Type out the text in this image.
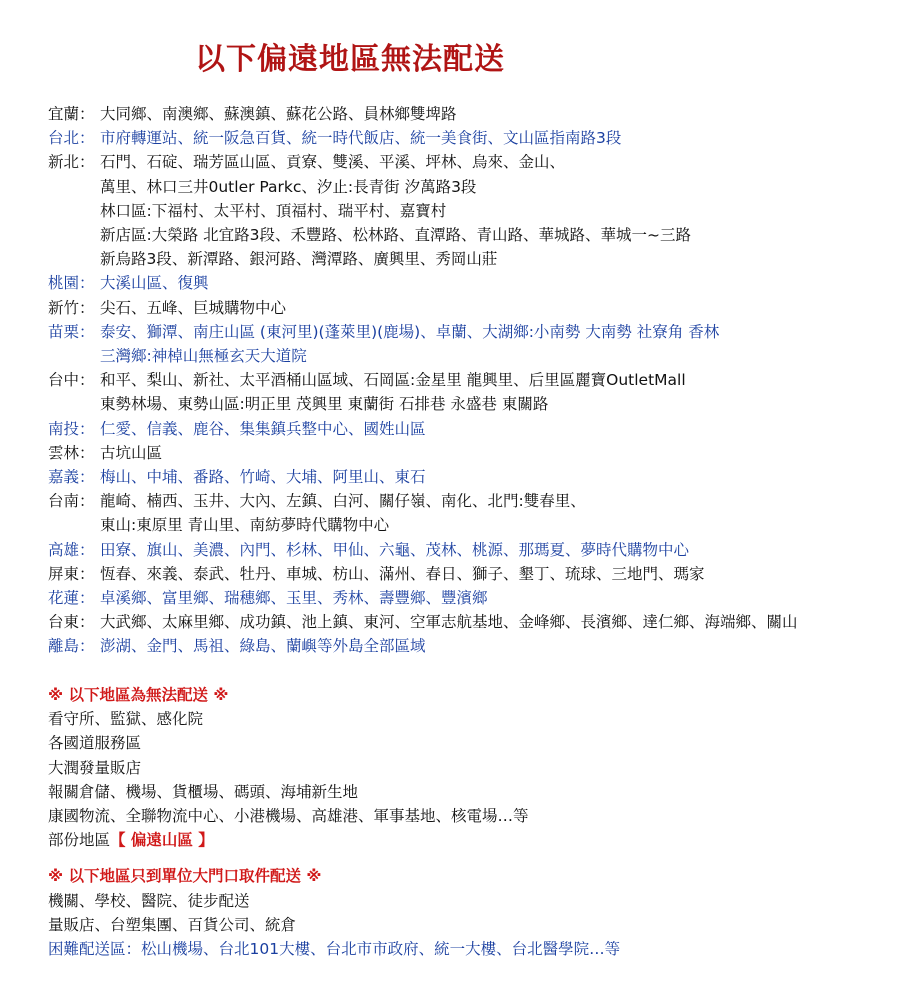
以下偏遠地區無法配送
宜蘭： 大同鄉、南澳鄉、蘇澳鎮、蘇花公路、員林鄉雙埤路
台北： 市府轉運站、統一阪急百貨、統一時代飯店、統一美食街、文山區指南路3段
新北： 石門、石碇、瑞芳區山區、貢寮、雙溪、平溪、坪林、烏來、金山、
萬里、林口三井0utler Parkc、汐止:長青街 汐萬路3段
林口區:下福村、太平村、頂福村、瑞平村、嘉寶村
新店區:大榮路 北宜路3段、禾豐路、松林路、直潭路、青山路、華城路、華城一~三路
新烏路3段、新潭路、銀河路、灣潭路、廣興里、秀岡山莊
桃園： 大溪山區、復興
新竹： 尖石、五峰、巨城購物中心
苗栗： 泰安、獅潭、南庄山區 (東河里)(蓬萊里)(鹿場)、卓蘭、大湖鄉:小南勢 大南勢 社寮角 香林
三灣鄉:神棹山無極玄天大道院
台中： 和平、梨山、新社、太平酒桶山區域、石岡區:金星里 龍興里、后里區麗寶OutletMall
東勢林場、東勢山區:明正里 茂興里 東蘭街 石排巷 永盛巷 東關路
南投： 仁愛、信義、鹿谷、集集鎮兵整中心、國姓山區
雲林： 古坑山區
嘉義： 梅山、中埔、番路、竹崎、大埔、阿里山、東石
台南： 龍崎、楠西、玉井、大內、左鎮、白河、關仔嶺、南化、北門:雙春里、
東山:東原里 青山里、南紡夢時代購物中心
高雄： 田寮、旗山、美濃、內門、杉林、甲仙、六龜、茂林、桃源、那瑪夏、夢時代購物中心
屏東： 恆春、來義、泰武、牡丹、車城、枋山、滿州、春日、獅子、墾丁、琉球、三地門、瑪家
花蓮： 卓溪鄉、富里鄉、瑞穗鄉、玉里、秀林、壽豐鄉、豐濱鄉
台東： 大武鄉、太麻里鄉、成功鎮、池上鎮、東河、空軍志航基地、金峰鄉、長濱鄉、達仁鄉、海端鄉、關山
離島： 澎湖、金門、馬祖、綠島、蘭嶼等外島全部區域
※ 以下地區為無法配送 ※
看守所、監獄、感化院
各國道服務區
大潤發量販店
報關倉儲、機場、貨櫃場、碼頭、海埔新生地
康國物流、全聯物流中心、小港機場、高雄港、軍事基地、核電場…等
部份地區【 偏遠山區 】
※ 以下地區只到單位大門口取件配送 ※
機關、學校、醫院、徒步配送
量販店、台塑集團、百貨公司、統倉
困難配送區：松山機場、台北101大樓、台北市市政府、統一大樓、台北醫學院…等
